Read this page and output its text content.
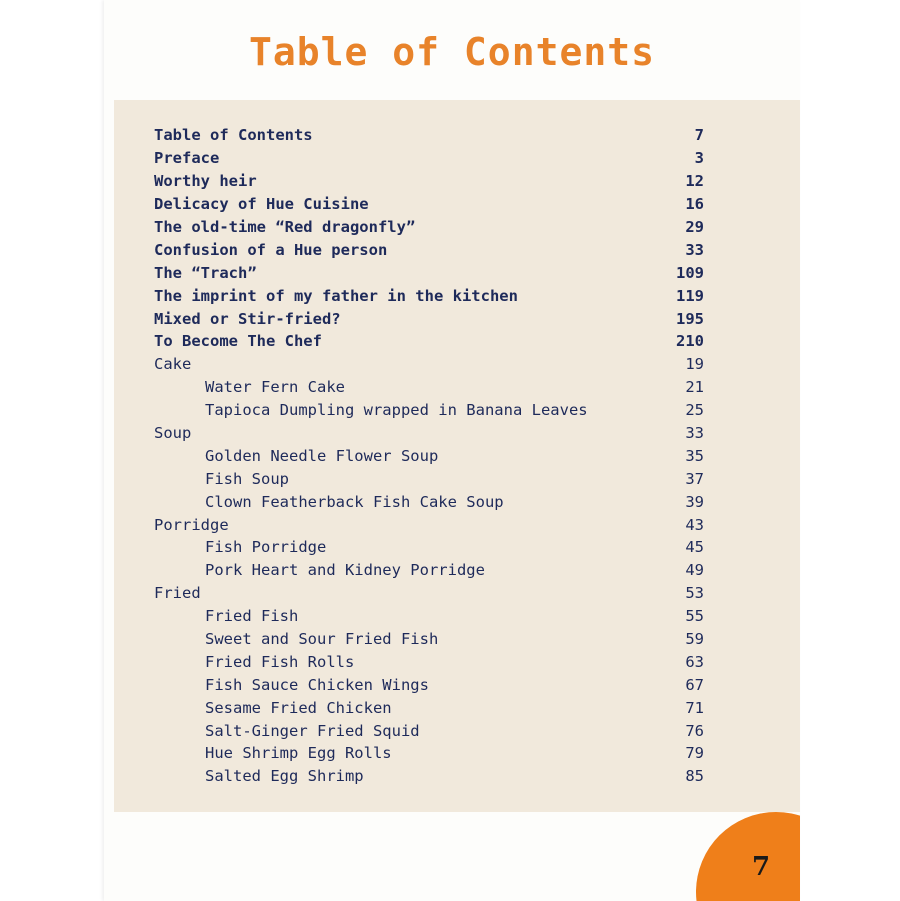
Table of Contents
Table of Contents	7
Preface	3
Worthy heir	12
Delicacy of Hue Cuisine	16
The old-time “Red dragonfly”	29
Confusion of a Hue person	33
The “Trach”	109
The imprint of my father in the kitchen	119
Mixed or Stir-fried?	195
To Become The Chef	210
Cake	19
Water Fern Cake	21
Tapioca Dumpling wrapped in Banana Leaves	25
Soup	33
Golden Needle Flower Soup	35
Fish Soup	37
Clown Featherback Fish Cake Soup	39
Porridge	43
Fish Porridge	45
Pork Heart and Kidney Porridge	49
Fried	53
Fried Fish	55
Sweet and Sour Fried Fish	59
Fried Fish Rolls	63
Fish Sauce Chicken Wings	67
Sesame Fried Chicken	71
Salt-Ginger Fried Squid	76
Hue Shrimp Egg Rolls	79
Salted Egg Shrimp	85
7
